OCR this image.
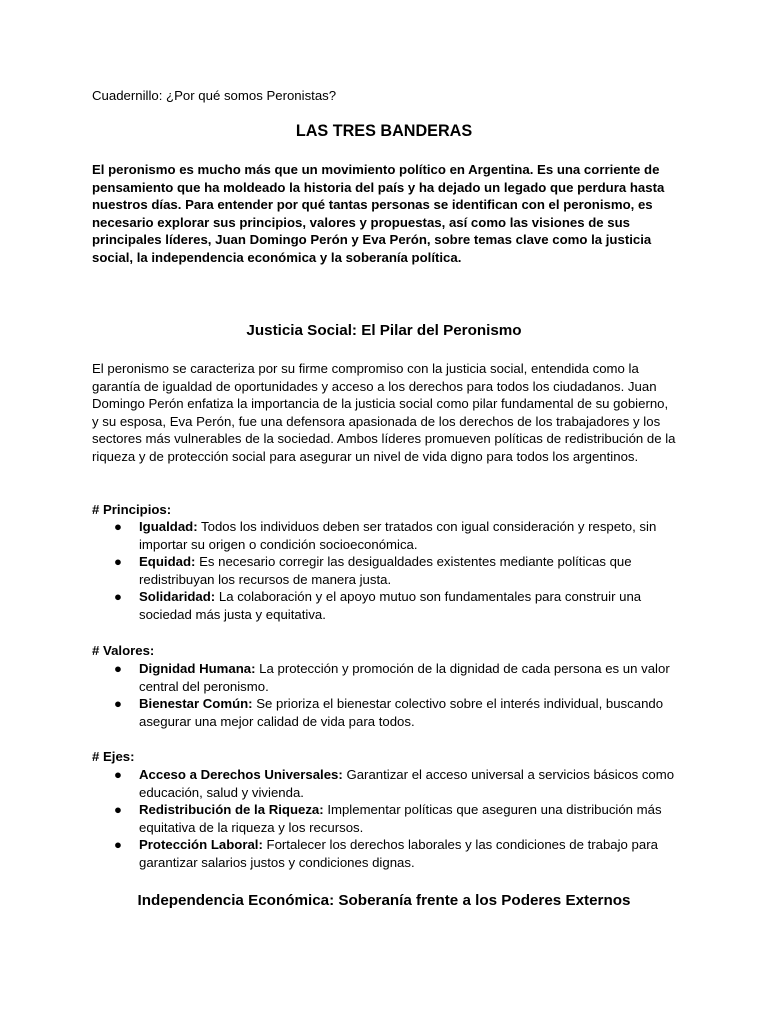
Cuadernillo: ¿Por qué somos Peronistas?
LAS TRES BANDERAS

El peronismo es mucho más que un movimiento político en Argentina. Es una corriente de pensamiento que ha moldeado la historia del país y ha dejado un legado que perdura hasta nuestros días. Para entender por qué tantas personas se identifican con el peronismo, es necesario explorar sus principios, valores y propuestas, así como las visiones de sus principales líderes, Juan Domingo Perón y Eva Perón, sobre temas clave como la justicia social, la independencia económica y la soberanía política.

Justicia Social: El Pilar del Peronismo

El peronismo se caracteriza por su firme compromiso con la justicia social, entendida como la garantía de igualdad de oportunidades y acceso a los derechos para todos los ciudadanos. Juan Domingo Perón enfatiza la importancia de la justicia social como pilar fundamental de su gobierno, y su esposa, Eva Perón, fue una defensora apasionada de los derechos de los trabajadores y los sectores más vulnerables de la sociedad. Ambos líderes promueven políticas de redistribución de la riqueza y de protección social para asegurar un nivel de vida digno para todos los argentinos.

# Principios:
● Igualdad: Todos los individuos deben ser tratados con igual consideración y respeto, sin importar su origen o condición socioeconómica.
● Equidad: Es necesario corregir las desigualdades existentes mediante políticas que redistribuyan los recursos de manera justa.
● Solidaridad: La colaboración y el apoyo mutuo son fundamentales para construir una sociedad más justa y equitativa.
# Valores:
● Dignidad Humana: La protección y promoción de la dignidad de cada persona es un valor central del peronismo.
● Bienestar Común: Se prioriza el bienestar colectivo sobre el interés individual, buscando asegurar una mejor calidad de vida para todos.
# Ejes:
● Acceso a Derechos Universales: Garantizar el acceso universal a servicios básicos como educación, salud y vivienda.
● Redistribución de la Riqueza: Implementar políticas que aseguren una distribución más equitativa de la riqueza y los recursos.
● Protección Laboral: Fortalecer los derechos laborales y las condiciones de trabajo para garantizar salarios justos y condiciones dignas.
Independencia Económica: Soberanía frente a los Poderes Externos
